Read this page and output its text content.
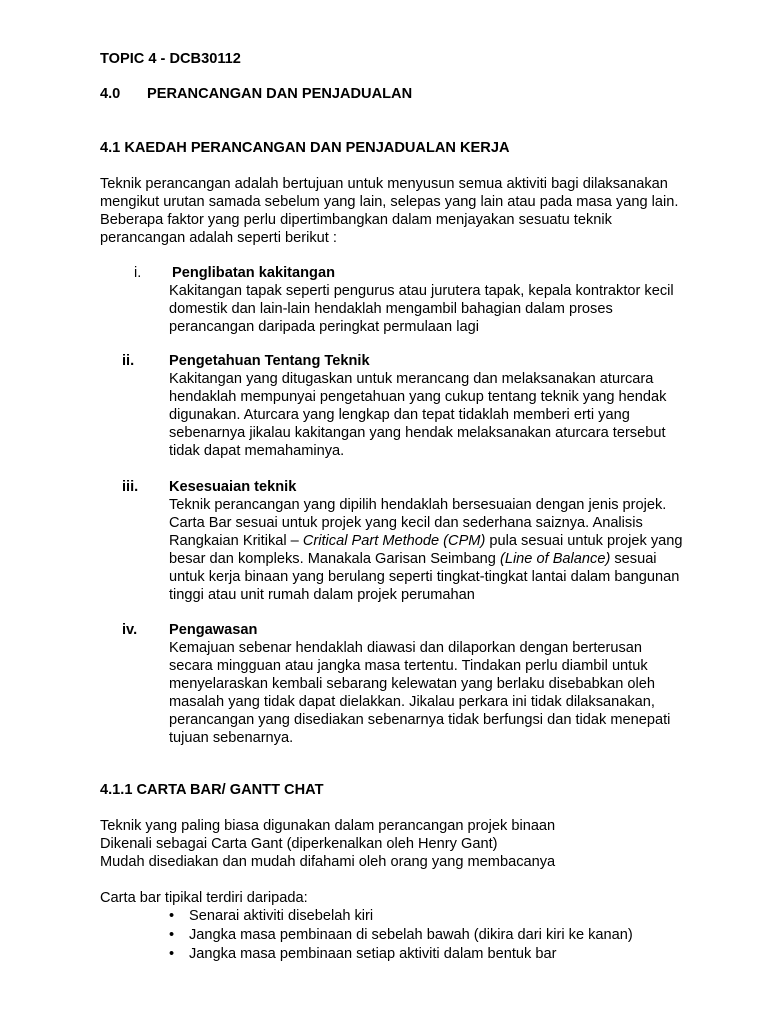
TOPIC 4 - DCB30112
4.0 PERANCANGAN DAN PENJADUALAN
4.1 KAEDAH PERANCANGAN DAN PENJADUALAN KERJA
Teknik perancangan adalah bertujuan untuk menyusun semua aktiviti bagi dilaksanakan
mengikut urutan samada sebelum yang lain, selepas yang lain atau pada masa yang lain.
Beberapa faktor yang perlu dipertimbangkan dalam menjayakan sesuatu teknik
perancangan adalah seperti berikut :
i. Penglibatan kakitangan
Kakitangan tapak seperti pengurus atau jurutera tapak, kepala kontraktor kecil
domestik dan lain-lain hendaklah mengambil bahagian dalam proses
perancangan daripada peringkat permulaan lagi
ii. Pengetahuan Tentang Teknik
Kakitangan yang ditugaskan untuk merancang dan melaksanakan aturcara
hendaklah mempunyai pengetahuan yang cukup tentang teknik yang hendak
digunakan. Aturcara yang lengkap dan tepat tidaklah memberi erti yang
sebenarnya jikalau kakitangan yang hendak melaksanakan aturcara tersebut
tidak dapat memahaminya.
iii. Kesesuaian teknik
Teknik perancangan yang dipilih hendaklah bersesuaian dengan jenis projek.
Carta Bar sesuai untuk projek yang kecil dan sederhana saiznya. Analisis
Rangkaian Kritikal – Critical Part Methode (CPM) pula sesuai untuk projek yang
besar dan kompleks. Manakala Garisan Seimbang (Line of Balance) sesuai
untuk kerja binaan yang berulang seperti tingkat-tingkat lantai dalam bangunan
tinggi atau unit rumah dalam projek perumahan
iv. Pengawasan
Kemajuan sebenar hendaklah diawasi dan dilaporkan dengan berterusan
secara mingguan atau jangka masa tertentu. Tindakan perlu diambil untuk
menyelaraskan kembali sebarang kelewatan yang berlaku disebabkan oleh
masalah yang tidak dapat dielakkan. Jikalau perkara ini tidak dilaksanakan,
perancangan yang disediakan sebenarnya tidak berfungsi dan tidak menepati
tujuan sebenarnya.
4.1.1 CARTA BAR/ GANTT CHAT
Teknik yang paling biasa digunakan dalam perancangan projek binaan
Dikenali sebagai Carta Gant (diperkenalkan oleh Henry Gant)
Mudah disediakan dan mudah difahami oleh orang yang membacanya
Carta bar tipikal terdiri daripada:
• Senarai aktiviti disebelah kiri
• Jangka masa pembinaan di sebelah bawah (dikira dari kiri ke kanan)
• Jangka masa pembinaan setiap aktiviti dalam bentuk bar
